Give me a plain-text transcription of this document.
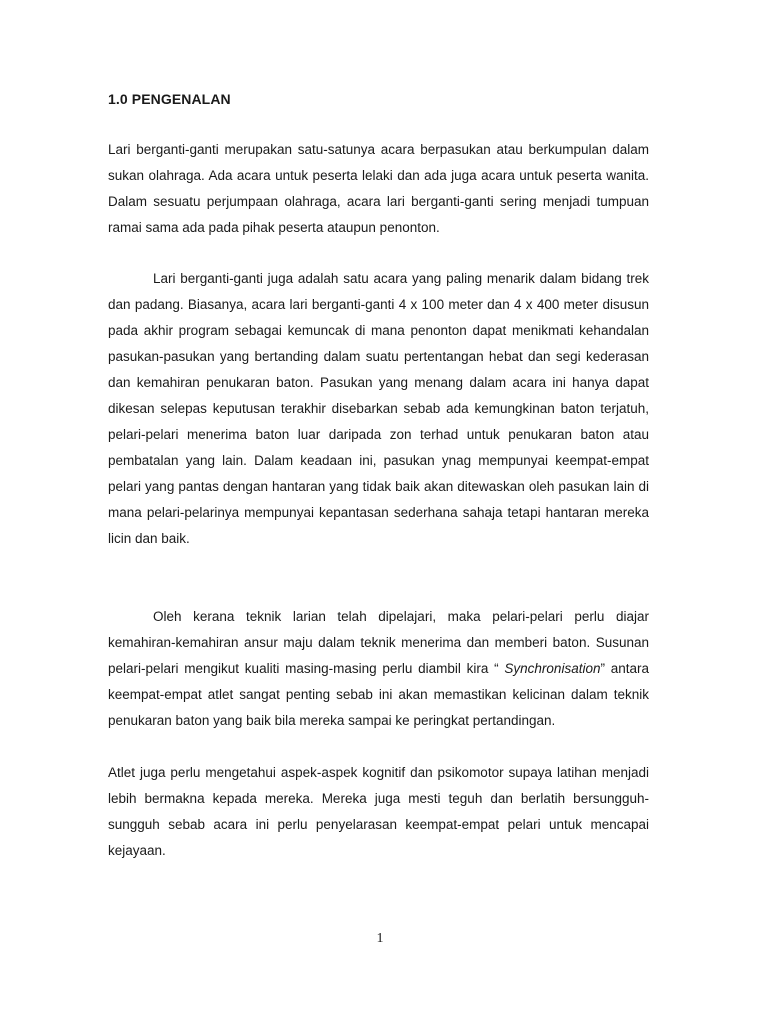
1.0 PENGENALAN

Lari berganti-ganti merupakan satu-satunya acara berpasukan atau berkumpulan dalam sukan olahraga. Ada acara untuk peserta lelaki dan ada juga acara untuk peserta wanita. Dalam sesuatu perjumpaan olahraga, acara lari berganti-ganti sering menjadi tumpuan ramai sama ada pada pihak peserta ataupun penonton.

Lari berganti-ganti juga adalah satu acara yang paling menarik dalam bidang trek dan padang. Biasanya, acara lari berganti-ganti 4 x 100 meter dan 4 x 400 meter disusun pada akhir program sebagai kemuncak di mana penonton dapat menikmati kehandalan pasukan-pasukan yang bertanding dalam suatu pertentangan hebat dan segi kederasan dan kemahiran penukaran baton. Pasukan yang menang dalam acara ini hanya dapat dikesan selepas keputusan terakhir disebarkan sebab ada kemungkinan baton terjatuh, pelari-pelari menerima baton luar daripada zon terhad untuk penukaran baton atau pembatalan yang lain. Dalam keadaan ini, pasukan ynag mempunyai keempat-empat pelari yang pantas dengan hantaran yang tidak baik akan ditewaskan oleh pasukan lain di mana pelari-pelarinya mempunyai kepantasan sederhana sahaja tetapi hantaran mereka licin dan baik.

Oleh kerana teknik larian telah dipelajari, maka pelari-pelari perlu diajar kemahiran-kemahiran ansur maju dalam teknik menerima dan memberi baton. Susunan pelari-pelari mengikut kualiti masing-masing perlu diambil kira “ Synchronisation” antara keempat-empat atlet sangat penting sebab ini akan memastikan kelicinan dalam teknik penukaran baton yang baik bila mereka sampai ke peringkat pertandingan.

Atlet juga perlu mengetahui aspek-aspek kognitif dan psikomotor supaya latihan menjadi lebih bermakna kepada mereka. Mereka juga mesti teguh dan berlatih bersungguh-sungguh sebab acara ini perlu penyelarasan keempat-empat pelari untuk mencapai kejayaan.

1
